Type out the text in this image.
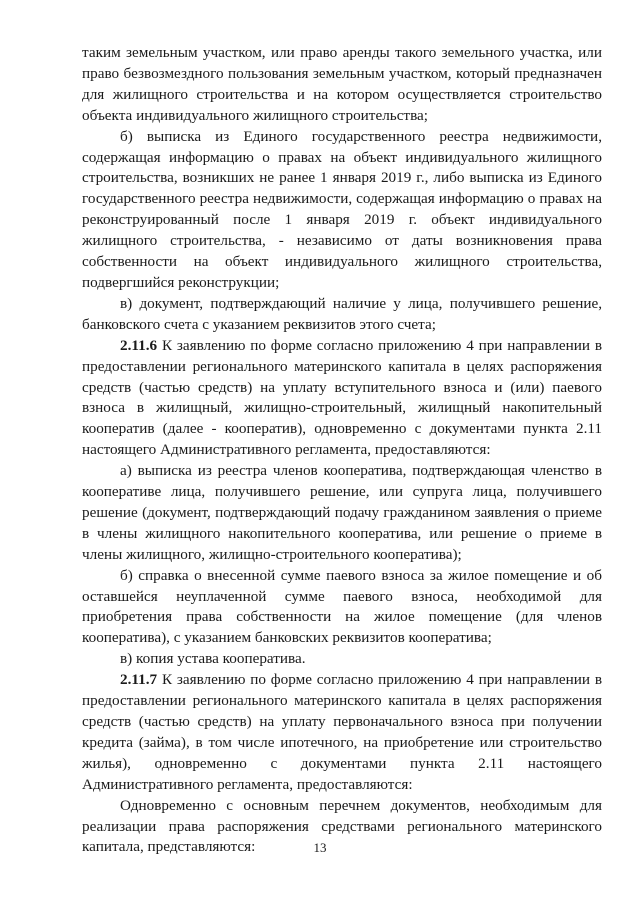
таким земельным участком, или право аренды такого земельного участка, или право безвозмездного пользования земельным участком, который предназначен для жилищного строительства и на котором осуществляется строительство объекта индивидуального жилищного строительства;

б) выписка из Единого государственного реестра недвижимости, содержащая информацию о правах на объект индивидуального жилищного строительства, возникших не ранее 1 января 2019 г., либо выписка из Единого государственного реестра недвижимости, содержащая информацию о правах на реконструированный после 1 января 2019 г. объект индивидуального жилищного строительства, - независимо от даты возникновения права собственности на объект индивидуального жилищного строительства, подвергшийся реконструкции;

в) документ, подтверждающий наличие у лица, получившего решение, банковского счета с указанием реквизитов этого счета;

2.11.6 К заявлению по форме согласно приложению 4 при направлении в предоставлении регионального материнского капитала в целях распоряжения средств (частью средств) на уплату вступительного взноса и (или) паевого взноса в жилищный, жилищно-строительный, жилищный накопительный кооператив (далее - кооператив), одновременно с документами пункта 2.11 настоящего Административного регламента, предоставляются:

а) выписка из реестра членов кооператива, подтверждающая членство в кооперативе лица, получившего решение, или супруга лица, получившего решение (документ, подтверждающий подачу гражданином заявления о приеме в члены жилищного накопительного кооператива, или решение о приеме в члены жилищного, жилищно-строительного кооператива);

б) справка о внесенной сумме паевого взноса за жилое помещение и об оставшейся неуплаченной сумме паевого взноса, необходимой для приобретения права собственности на жилое помещение (для членов кооператива), с указанием банковских реквизитов кооператива;

в) копия устава кооператива.

2.11.7 К заявлению по форме согласно приложению 4 при направлении в предоставлении регионального материнского капитала в целях распоряжения средств (частью средств) на уплату первоначального взноса при получении кредита (займа), в том числе ипотечного, на приобретение или строительство жилья), одновременно с документами пункта 2.11 настоящего Административного регламента, предоставляются:

Одновременно с основным перечнем документов, необходимым для реализации права распоряжения средствами регионального материнского капитала, представляются:	13
